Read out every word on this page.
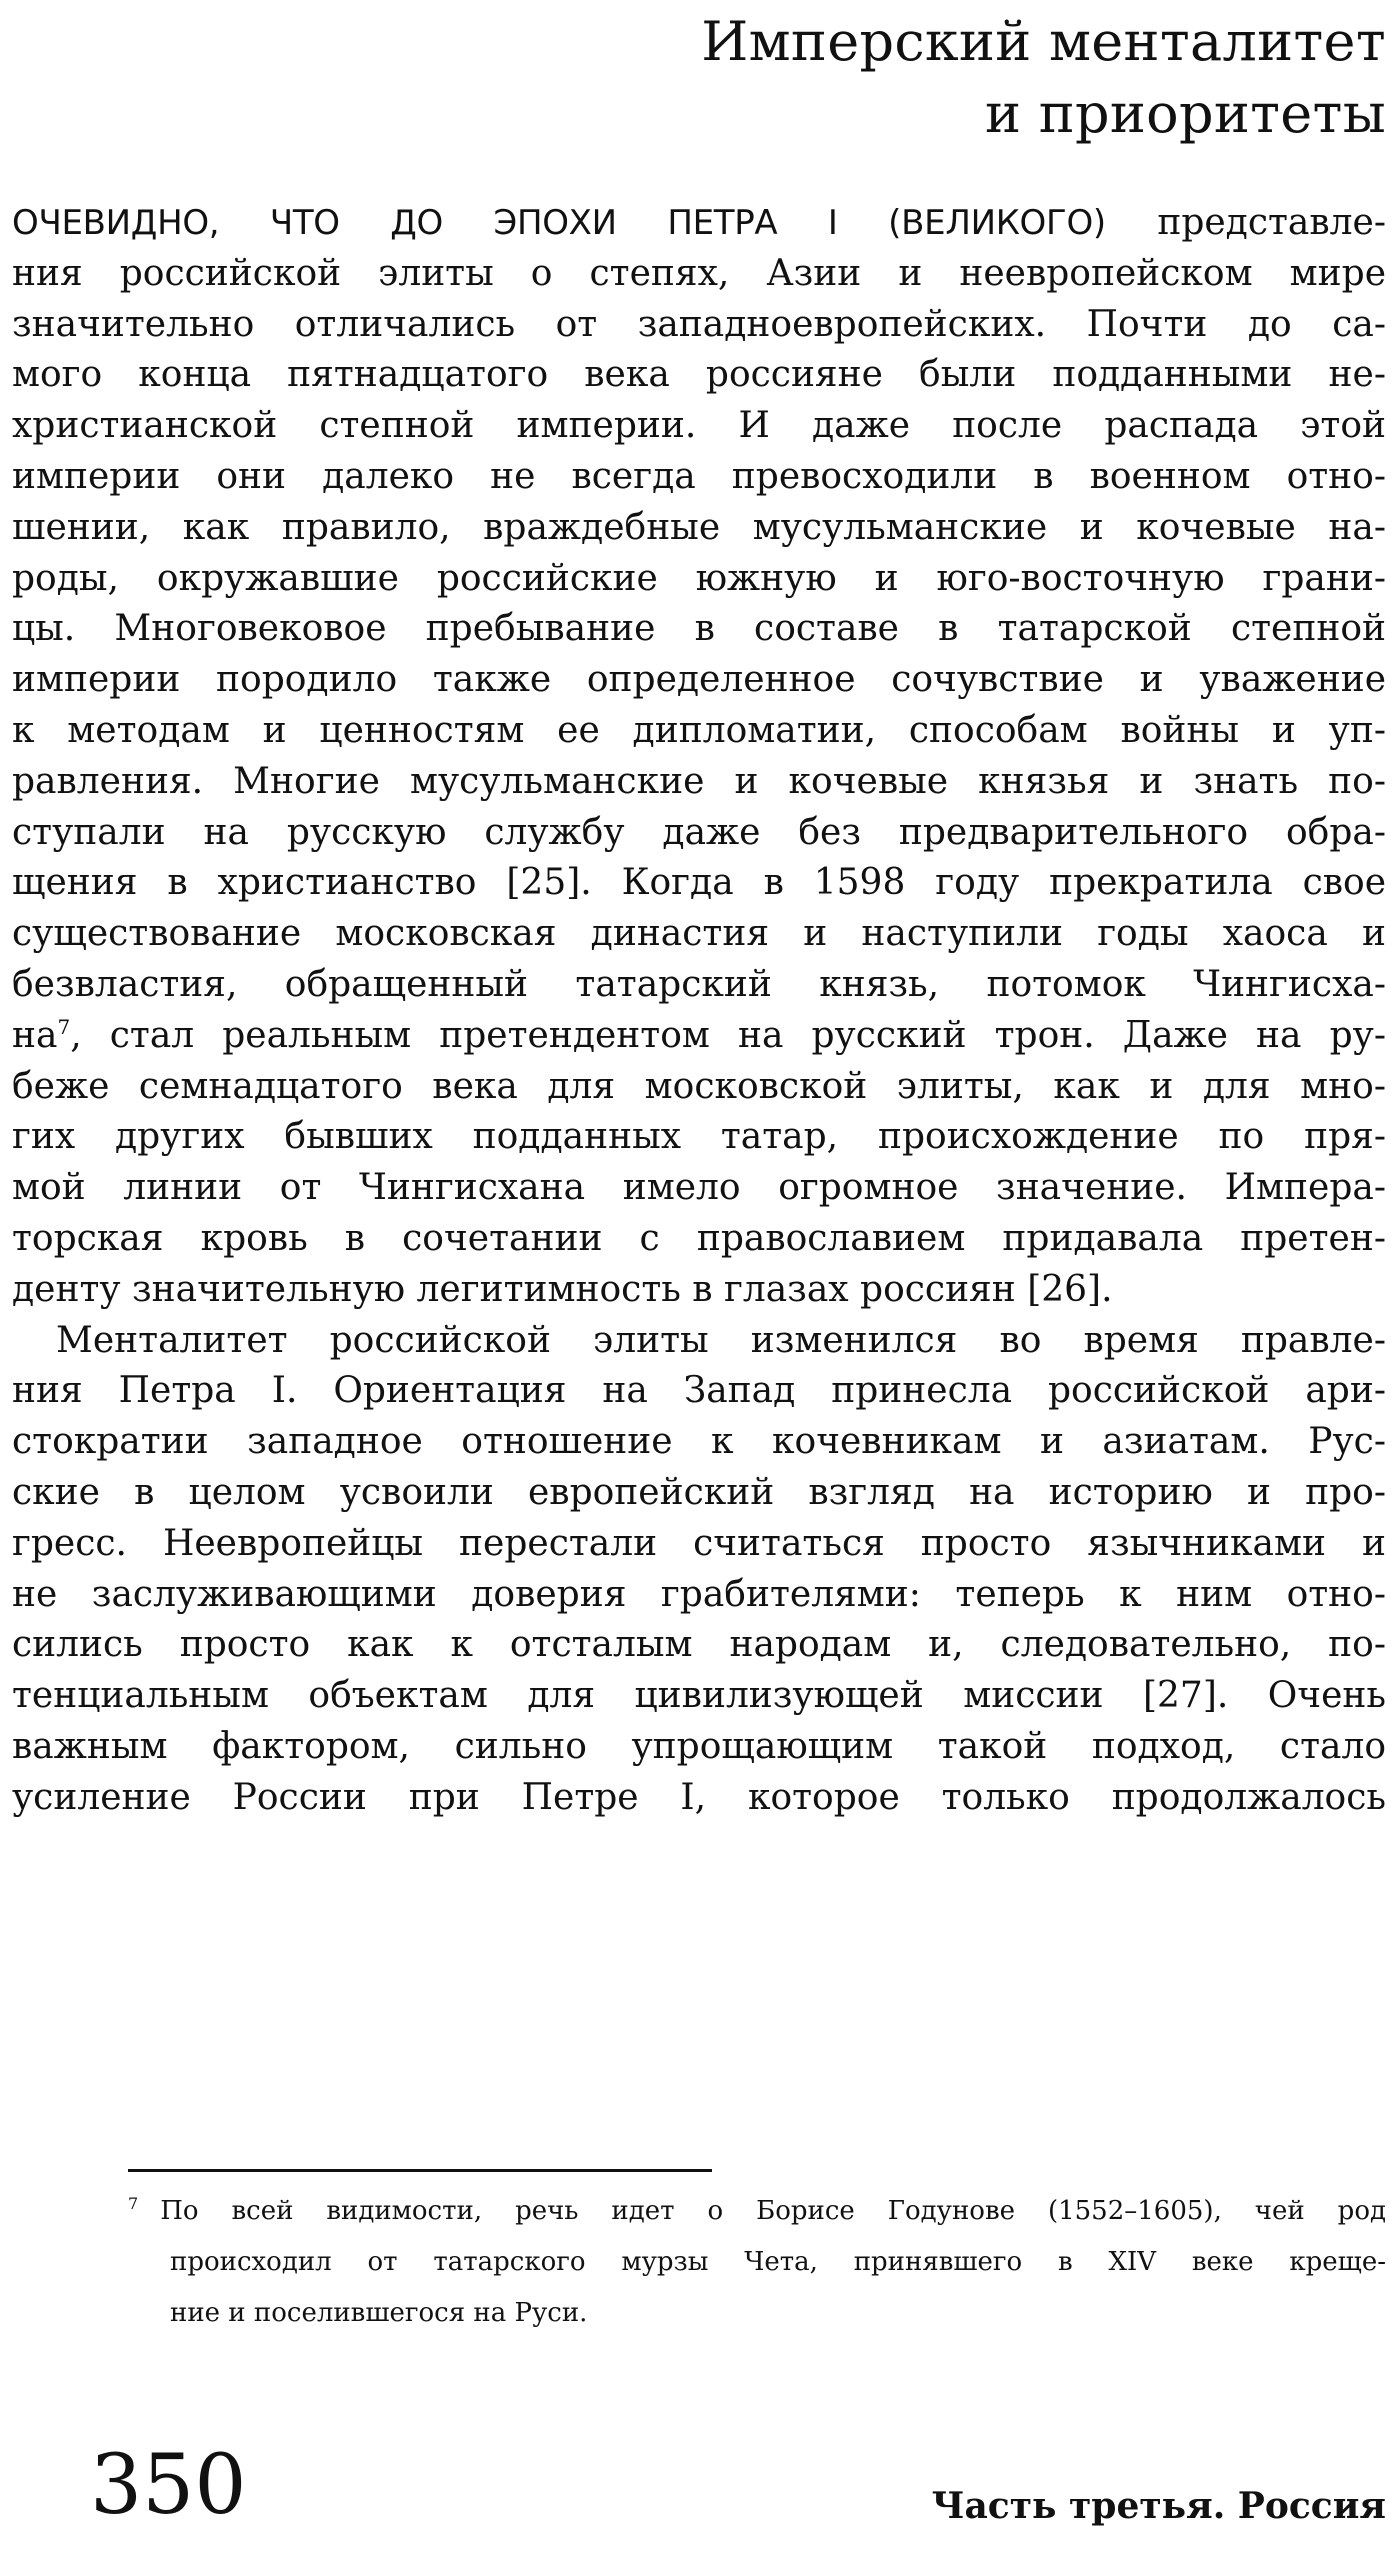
Имперский менталитет
и приоритеты
ОЧЕВИДНО, ЧТО ДО ЭПОХИ ПЕТРА I (ВЕЛИКОГО) представле-
ния российской элиты о степях, Азии и неевропейском мире
значительно отличались от западноевропейских. Почти до са-
мого конца пятнадцатого века россияне были подданными не-
христианской степной империи. И даже после распада этой
империи они далеко не всегда превосходили в военном отно-
шении, как правило, враждебные мусульманские и кочевые на-
роды, окружавшие российские южную и юго-восточную грани-
цы. Многовековое пребывание в составе в татарской степной
империи породило также определенное сочувствие и уважение
к методам и ценностям ее дипломатии, способам войны и уп-
равления. Многие мусульманские и кочевые князья и знать по-
ступали на русскую службу даже без предварительного обра-
щения в христианство [25]. Когда в 1598 году прекратила свое
существование московская династия и наступили годы хаоса и
безвластия, обращенный татарский князь, потомок Чингисха-
$на^7$, стал реальным претендентом на русский трон. Даже на ру-
беже семнадцатого века для московской элиты, как и для мно-
гих других бывших подданных татар, происхождение по пря-
мой линии от Чингисхана имело огромное значение. Импера-
торская кровь в сочетании с православием придавала претен-
денту значительную легитимность в глазах россиян [26].
Менталитет российской элиты изменился во время правле-
ния Петра I. Ориентация на Запад принесла российской ари-
стократии западное отношение к кочевникам и азиатам. Рус-
ские в целом усвоили европейский взгляд на историю и про-
гресс. Неевропейцы перестали считаться просто язычниками и
не заслуживающими доверия грабителями: теперь к ним отно-
сились просто как к отсталым народам и, следовательно, по-
тенциальным объектам для цивилизующей миссии [27]. Очень
важным фактором, сильно упрощающим такой подход, стало
усиление России при Петре I, которое только продолжалось
$^7$ По всей видимости, речь идет о Борисе Годунове (1552–1605), чей род
происходил от татарского мурзы Чета, принявшего в XIV веке креще-
ние и поселившегося на Руси.
350	Часть третья. Россия
